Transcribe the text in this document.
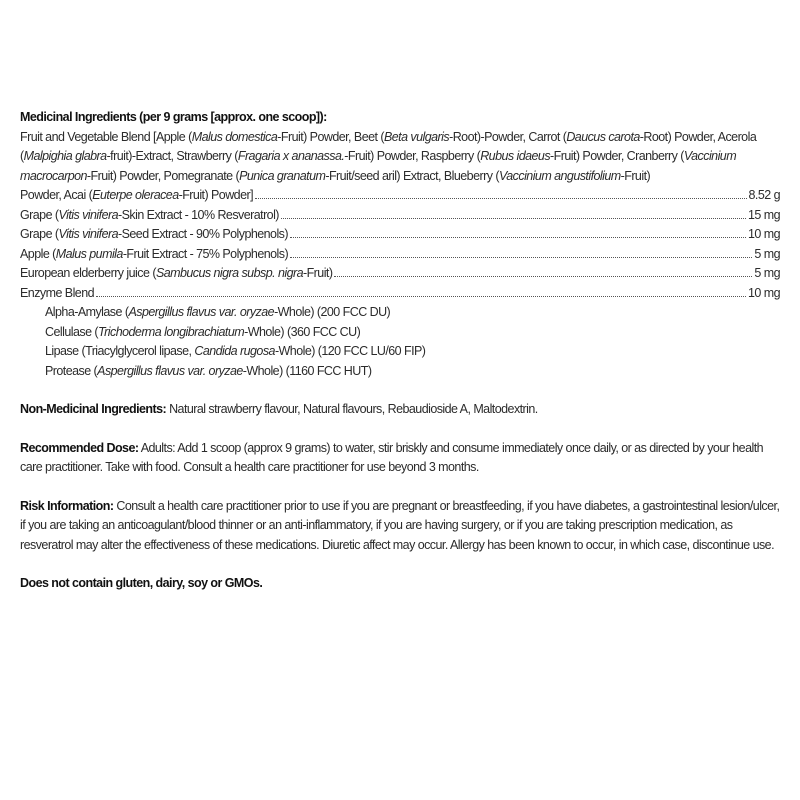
Medicinal Ingredients (per 9 grams [approx. one scoop]):
Fruit and Vegetable Blend [Apple (Malus domestica-Fruit) Powder, Beet (Beta vulgaris-Root)-Powder, Carrot (Daucus carota-Root) Powder, Acerola (Malpighia glabra-fruit)-Extract, Strawberry (Fragaria x ananassa.-Fruit) Powder, Raspberry (Rubus idaeus-Fruit) Powder, Cranberry (Vaccinium macrocarpon-Fruit) Powder, Pomegranate (Punica granatum-Fruit/seed aril) Extract, Blueberry (Vaccinium angustifolium-Fruit)
Powder, Acai (Euterpe oleracea-Fruit) Powder]	8.52 g
Grape (Vitis vinifera-Skin Extract - 10% Resveratrol)	15 mg
Grape (Vitis vinifera-Seed Extract - 90% Polyphenols)	10 mg
Apple (Malus pumila-Fruit Extract - 75% Polyphenols)	5 mg
European elderberry juice (Sambucus nigra subsp. nigra-Fruit)	5 mg
Enzyme Blend	10 mg
Alpha-Amylase (Aspergillus flavus var. oryzae-Whole) (200 FCC DU)
Cellulase (Trichoderma longibrachiatum-Whole) (360 FCC CU)
Lipase (Triacylglycerol lipase, Candida rugosa-Whole) (120 FCC LU/60 FIP)
Protease (Aspergillus flavus var. oryzae-Whole) (1160 FCC HUT)
Non-Medicinal Ingredients: Natural strawberry flavour, Natural flavours, Rebaudioside A, Maltodextrin.
Recommended Dose: Adults: Add 1 scoop (approx 9 grams) to water, stir briskly and consume immediately once daily, or as directed by your health care practitioner. Take with food. Consult a health care practitioner for use beyond 3 months.
Risk Information: Consult a health care practitioner prior to use if you are pregnant or breastfeeding, if you have diabetes, a gastrointestinal lesion/ulcer, if you are taking an anticoagulant/blood thinner or an anti-inflammatory, if you are having surgery, or if you are taking prescription medication, as resveratrol may alter the effectiveness of these medications. Diuretic affect may occur. Allergy has been known to occur, in which case, discontinue use.
Does not contain gluten, dairy, soy or GMOs.
